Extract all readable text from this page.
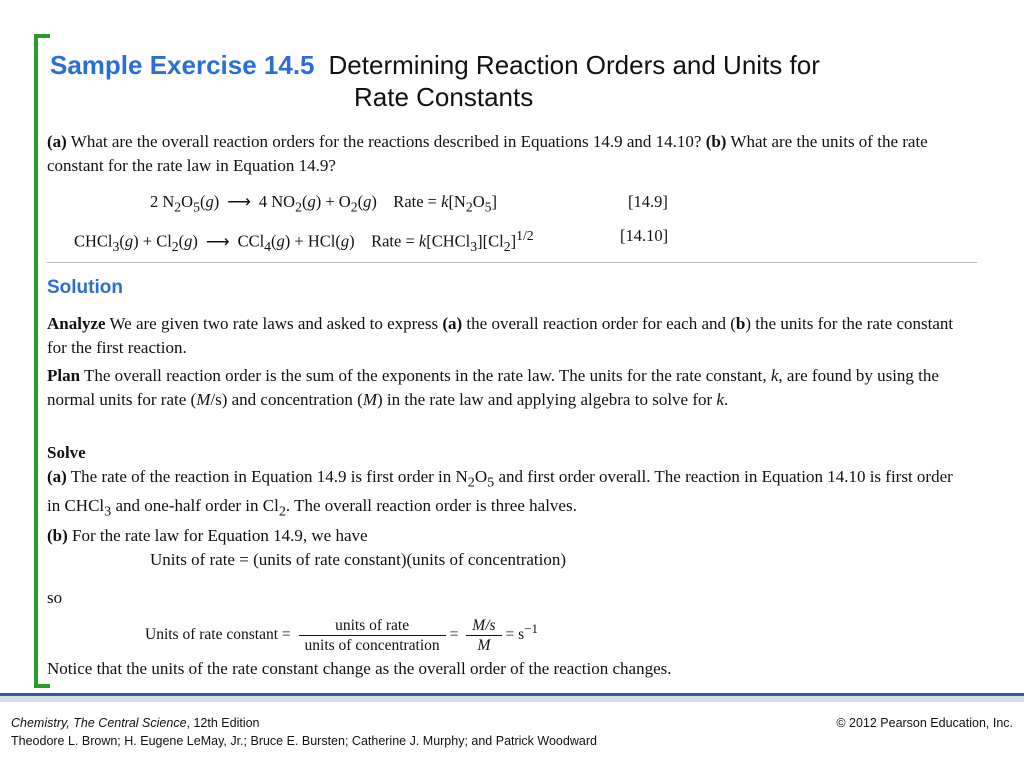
Sample Exercise 14.5 Determining Reaction Orders and Units for
Rate Constants
(a) What are the overall reaction orders for the reactions described in Equations 14.9 and 14.10? (b) What are the units of the rate constant for the rate law in Equation 14.9?
2 $N_2O_5(g)$ ⟶ 4 $NO_2(g) + O_2(g)$    Rate = $k[N_2O_5]$	[14.9]
CHCl$_3$(g) + $Cl_2(g)$ ⟶ CCl$_4$(g) + HCl(g)    Rate = $k[CHCl_3][Cl_2]^{1/2}$	[14.10]
Solution
Analyze We are given two rate laws and asked to express (a) the overall reaction order for each and (b) the units for the rate constant for the first reaction.
Plan The overall reaction order is the sum of the exponents in the rate law. The units for the rate constant, k, are found by using the normal units for rate (M/s) and concentration (M) in the rate law and applying algebra to solve for k.
Solve
(a) The rate of the reaction in Equation 14.9 is first order in $N_2O_5$ and first order overall. The reaction in Equation 14.10 is first order in CHCl$_3$ and one-half order in $Cl_2$. The overall reaction order is three halves.
(b) For the rate law for Equation 14.9, we have
Units of rate = (units of rate constant)(units of concentration)
so
Units of rate constant = $\frac{\text{units of rate}}{\text{units of concentration}} = \frac{M/s}{M} = s^{-1}$
Notice that the units of the rate constant change as the overall order of the reaction changes.
Chemistry, The Central Science, 12th Edition
Theodore L. Brown; H. Eugene LeMay, Jr.; Bruce E. Bursten; Catherine J. Murphy; and Patrick Woodward
© 2012 Pearson Education, Inc.
